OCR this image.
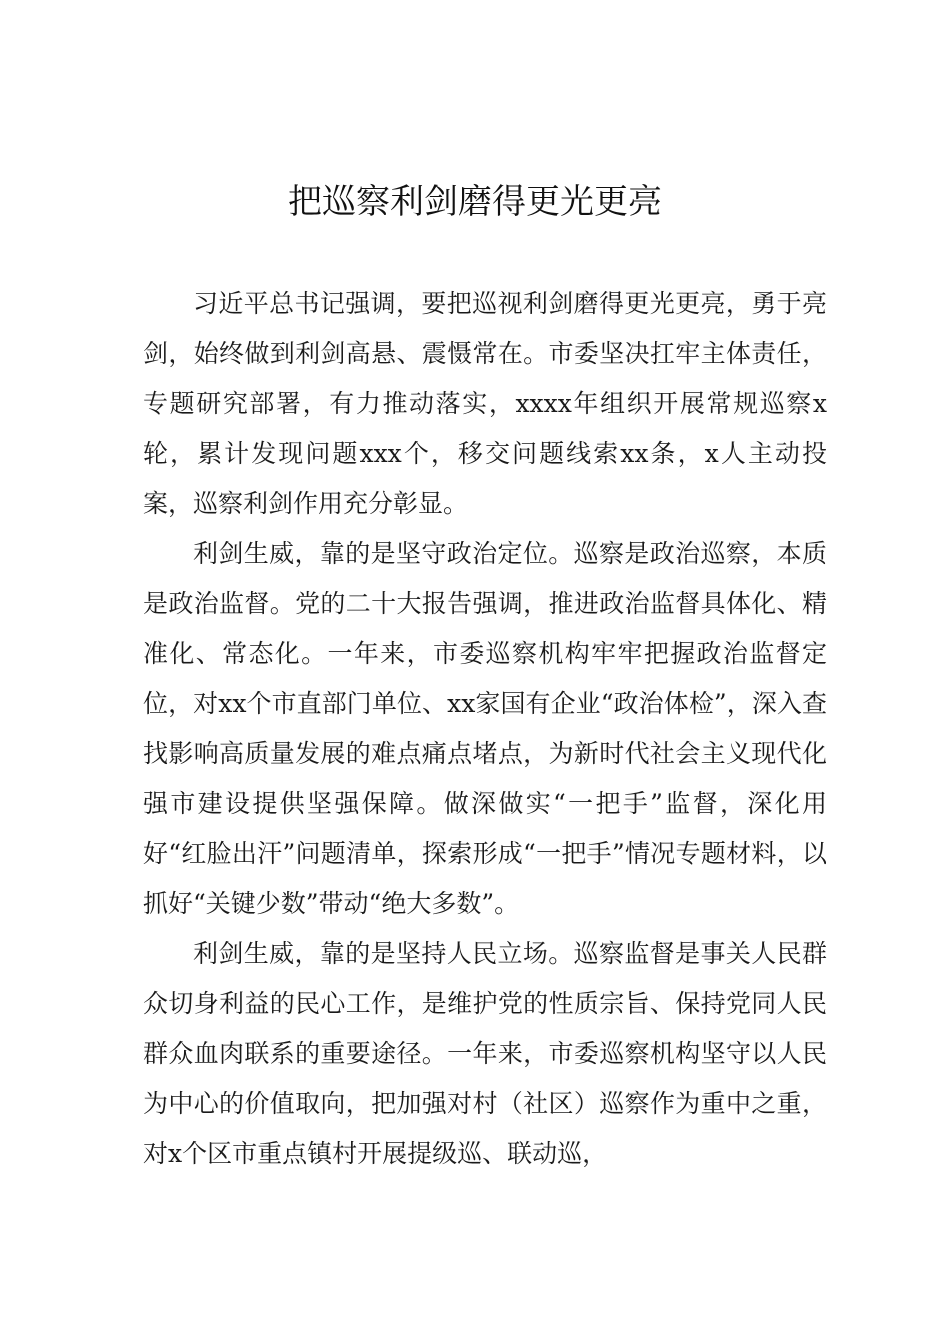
把巡察利剑磨得更光更亮

习近平总书记强调，要把巡视利剑磨得更光更亮，勇于亮剑，始终做到利剑高悬、震慑常在。市委坚决扛牢主体责任，专题研究部署，有力推动落实，xxxx年组织开展常规巡察x轮，累计发现问题xxx个，移交问题线索xx条，x人主动投案，巡察利剑作用充分彰显。

利剑生威，靠的是坚守政治定位。巡察是政治巡察，本质是政治监督。党的二十大报告强调，推进政治监督具体化、精准化、常态化。一年来，市委巡察机构牢牢把握政治监督定位，对xx个市直部门单位、xx家国有企业“政治体检”，深入查找影响高质量发展的难点痛点堵点，为新时代社会主义现代化强市建设提供坚强保障。做深做实“一把手”监督，深化用好“红脸出汗”问题清单，探索形成“一把手”情况专题材料，以抓好“关键少数”带动“绝大多数”。

利剑生威，靠的是坚持人民立场。巡察监督是事关人民群众切身利益的民心工作，是维护党的性质宗旨、保持党同人民群众血肉联系的重要途径。一年来，市委巡察机构坚守以人民为中心的价值取向，把加强对村（社区）巡察作为重中之重，对x个区市重点镇村开展提级巡、联动巡，
